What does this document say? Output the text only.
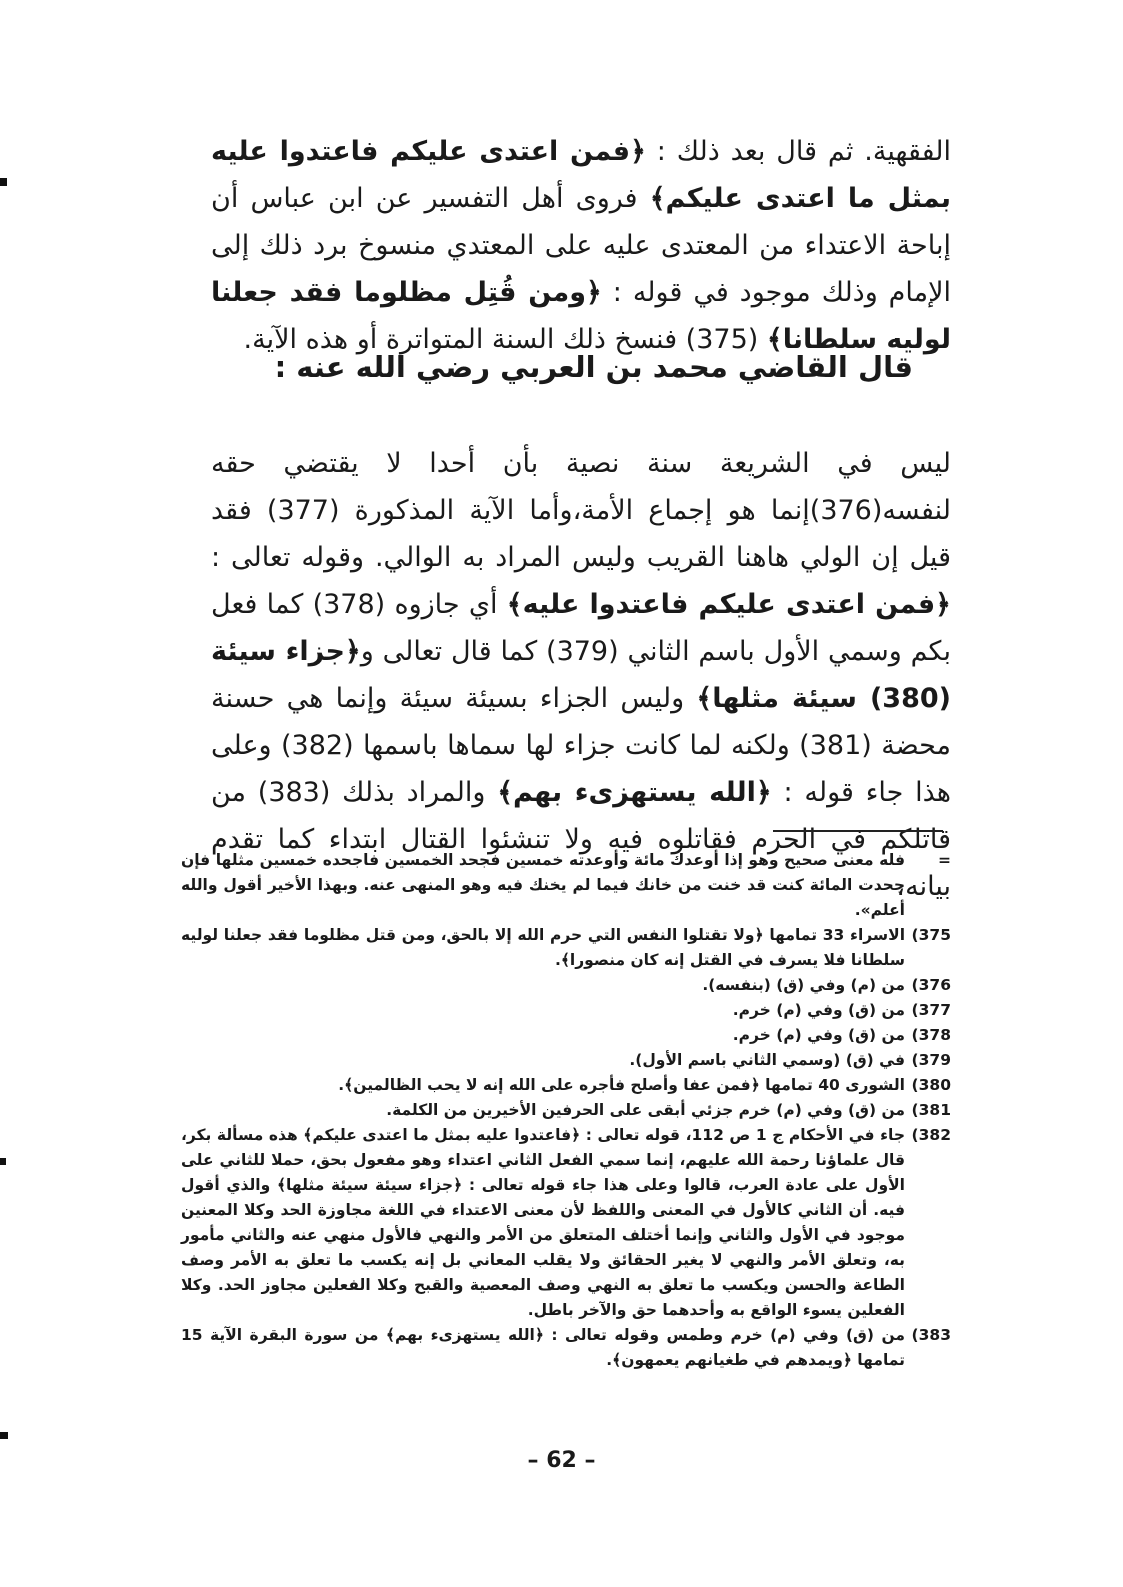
الفقهية. ثم قال بعد ذلك : ﴿فمن اعتدى عليكم فاعتدوا عليه بمثل ما اعتدى عليكم﴾ فروى أهل التفسير عن ابن عباس أن إباحة الاعتداء من المعتدى عليه على المعتدي منسوخ برد ذلك إلى الإمام وذلك موجود في قوله : ﴿ومن قُتِل مظلوما فقد جعلنا لوليه سلطانا﴾ (375) فنسخ ذلك السنة المتواترة أو هذه الآية.

قال القاضي محمد بن العربي رضي الله عنه :

ليس في الشريعة سنة نصية بأن أحدا لا يقتضي حقه لنفسه(376)إنما هو إجماع الأمة،وأما الآية المذكورة (377) فقد قيل إن الولي هاهنا القريب وليس المراد به الوالي. وقوله تعالى : ﴿فمن اعتدى عليكم فاعتدوا عليه﴾ أي جازوه (378) كما فعل بكم وسمي الأول باسم الثاني (379) كما قال تعالى و﴿جزاء سيئة (380) سيئة مثلها﴾ وليس الجزاء بسيئة سيئة وإنما هي حسنة محضة (381) ولكنه لما كانت جزاء لها سماها باسمها (382) وعلى هذا جاء قوله : ﴿الله يستهزىء بهم﴾ والمراد بذلك (383) من قاتلكم في الحرم فقاتلوه فيه ولا تنشئوا القتال ابتداء كما تقدم بيانه،

=
فله معنى صحيح وهو إذا أوعدك مائة وأوعدته خمسين فجحد الخمسين فاجحده خمسين مثلها فإن جحدت المائة كنت قد خنت من خانك فيما لم يخنك فيه وهو المنهى عنه. وبهذا الأخير أقول والله أعلم».
375)
الاسراء 33 تمامها ﴿ولا تقتلوا النفس التي حرم الله إلا بالحق، ومن قتل مظلوما فقد جعلنا لوليه سلطانا فلا يسرف في القتل إنه كان منصورا﴾.
376)
من (م) وفي (ق) (بنفسه).
377)
من (ق) وفي (م) خرم.
378)
من (ق) وفي (م) خرم.
379)
في (ق) (وسمي الثاني باسم الأول).
380)
الشورى 40 تمامها ﴿فمن عفا وأصلح فأجره على الله إنه لا يحب الظالمين﴾.
381)
من (ق) وفي (م) خرم جزئي أبقى على الحرفين الأخيرين من الكلمة.
382)
جاء في الأحكام ج 1 ص 112، قوله تعالى : ﴿فاعتدوا عليه بمثل ما اعتدى عليكم﴾ هذه مسألة بكر، قال علماؤنا رحمة الله عليهم، إنما سمي الفعل الثاني اعتداء وهو مفعول بحق، حملا للثاني على الأول على عادة العرب، قالوا وعلى هذا جاء قوله تعالى : ﴿جزاء سيئة سيئة مثلها﴾ والذي أقول فيه. أن الثاني كالأول في المعنى واللفظ لأن معنى الاعتداء في اللغة مجاوزة الحد وكلا المعنين موجود في الأول والثاني وإنما أختلف المتعلق من الأمر والنهي فالأول منهي عنه والثاني مأمور به، وتعلق الأمر والنهي لا يغير الحقائق ولا يقلب المعاني بل إنه يكسب ما تعلق به الأمر وصف الطاعة والحسن ويكسب ما تعلق به النهي وصف المعصية والقبح وكلا الفعلين مجاوز الحد. وكلا الفعلين يسوء الواقع به وأحدهما حق والآخر باطل.
383)
من (ق) وفي (م) خرم وطمس وقوله تعالى : ﴿الله يستهزىء بهم﴾ من سورة البقرة الآية 15 تمامها ﴿ويمدهم في طغيانهم يعمهون﴾.
– 62 –
